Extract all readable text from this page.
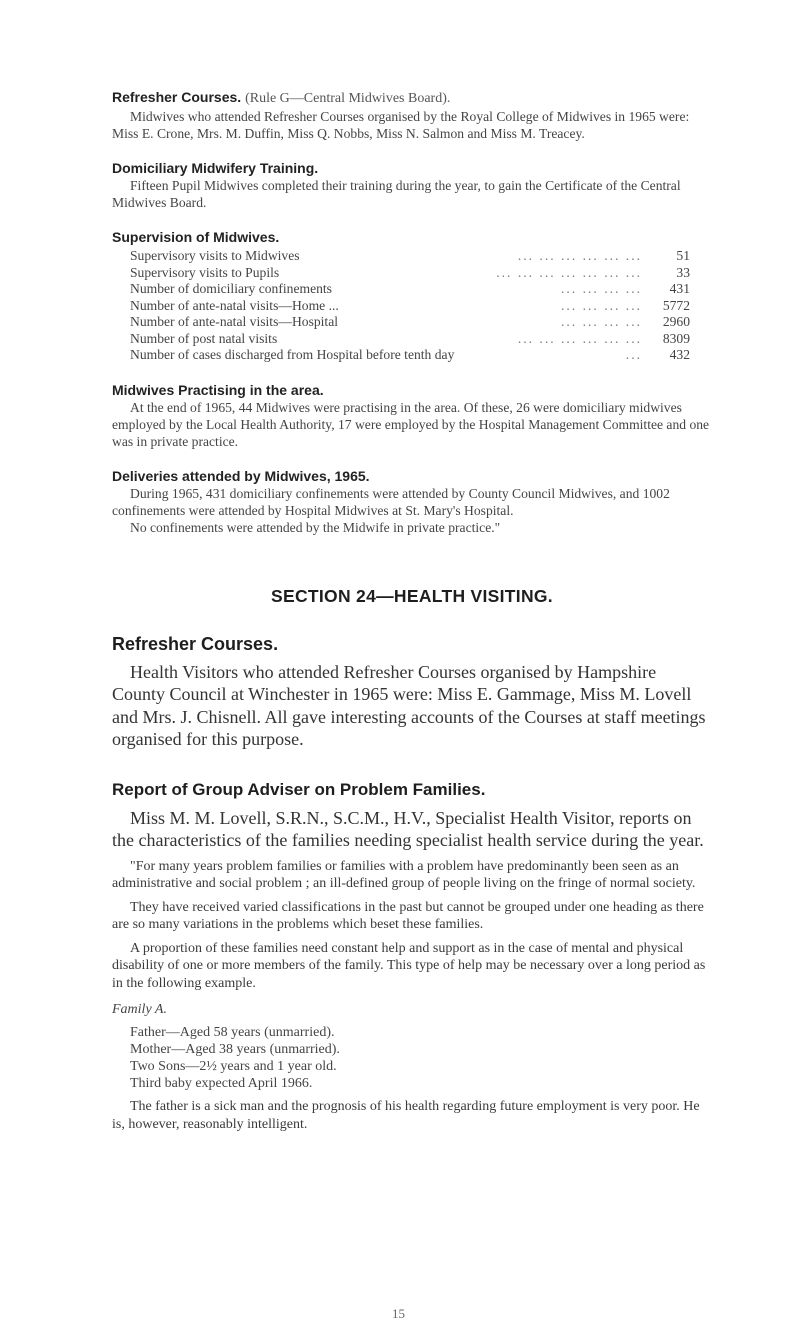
Refresher Courses. (Rule G—Central Midwives Board).

Midwives who attended Refresher Courses organised by the Royal College of Midwives in 1965 were: Miss E. Crone, Mrs. M. Duffin, Miss Q. Nobbs, Miss N. Salmon and Miss M. Treacey.

Domiciliary Midwifery Training.

Fifteen Pupil Midwives completed their training during the year, to gain the Certificate of the Central Midwives Board.

Supervision of Midwives.
Supervisory visits to Midwives	... ... ... ... ... ...	51
Supervisory visits to Pupils	... ... ... ... ... ... ...	33
Number of domiciliary confinements	... ... ... ...	431
Number of ante-natal visits—Home ...	... ... ... ...	5772
Number of ante-natal visits—Hospital	... ... ... ...	2960
Number of post natal visits	... ... ... ... ... ...	8309
Number of cases discharged from Hospital before tenth day	...	432
Midwives Practising in the area.

At the end of 1965, 44 Midwives were practising in the area. Of these, 26 were domiciliary midwives employed by the Local Health Authority, 17 were employed by the Hospital Management Committee and one was in private practice.

Deliveries attended by Midwives, 1965.

During 1965, 431 domiciliary confinements were attended by County Council Midwives, and 1002 confinements were attended by Hospital Midwives at St. Mary's Hospital.

No confinements were attended by the Midwife in private practice."

SECTION 24—HEALTH VISITING.
Refresher Courses.

Health Visitors who attended Refresher Courses organised by Hampshire County Council at Winchester in 1965 were: Miss E. Gammage, Miss M. Lovell and Mrs. J. Chisnell. All gave interesting accounts of the Courses at staff meetings organised for this purpose.

Report of Group Adviser on Problem Families.

Miss M. M. Lovell, S.R.N., S.C.M., H.V., Specialist Health Visitor, reports on the characteristics of the families needing specialist health service during the year.

"For many years problem families or families with a problem have predominantly been seen as an administrative and social problem ; an ill-defined group of people living on the fringe of normal society.

They have received varied classifications in the past but cannot be grouped under one heading as there are so many variations in the problems which beset these families.

A proportion of these families need constant help and support as in the case of mental and physical disability of one or more members of the family. This type of help may be necessary over a long period as in the following example.

Family A.

Father—Aged 58 years (unmarried).
Mother—Aged 38 years (unmarried).
Two Sons—2½ years and 1 year old.
Third baby expected April 1966.

The father is a sick man and the prognosis of his health regarding future employment is very poor. He is, however, reasonably intelligent.

15
